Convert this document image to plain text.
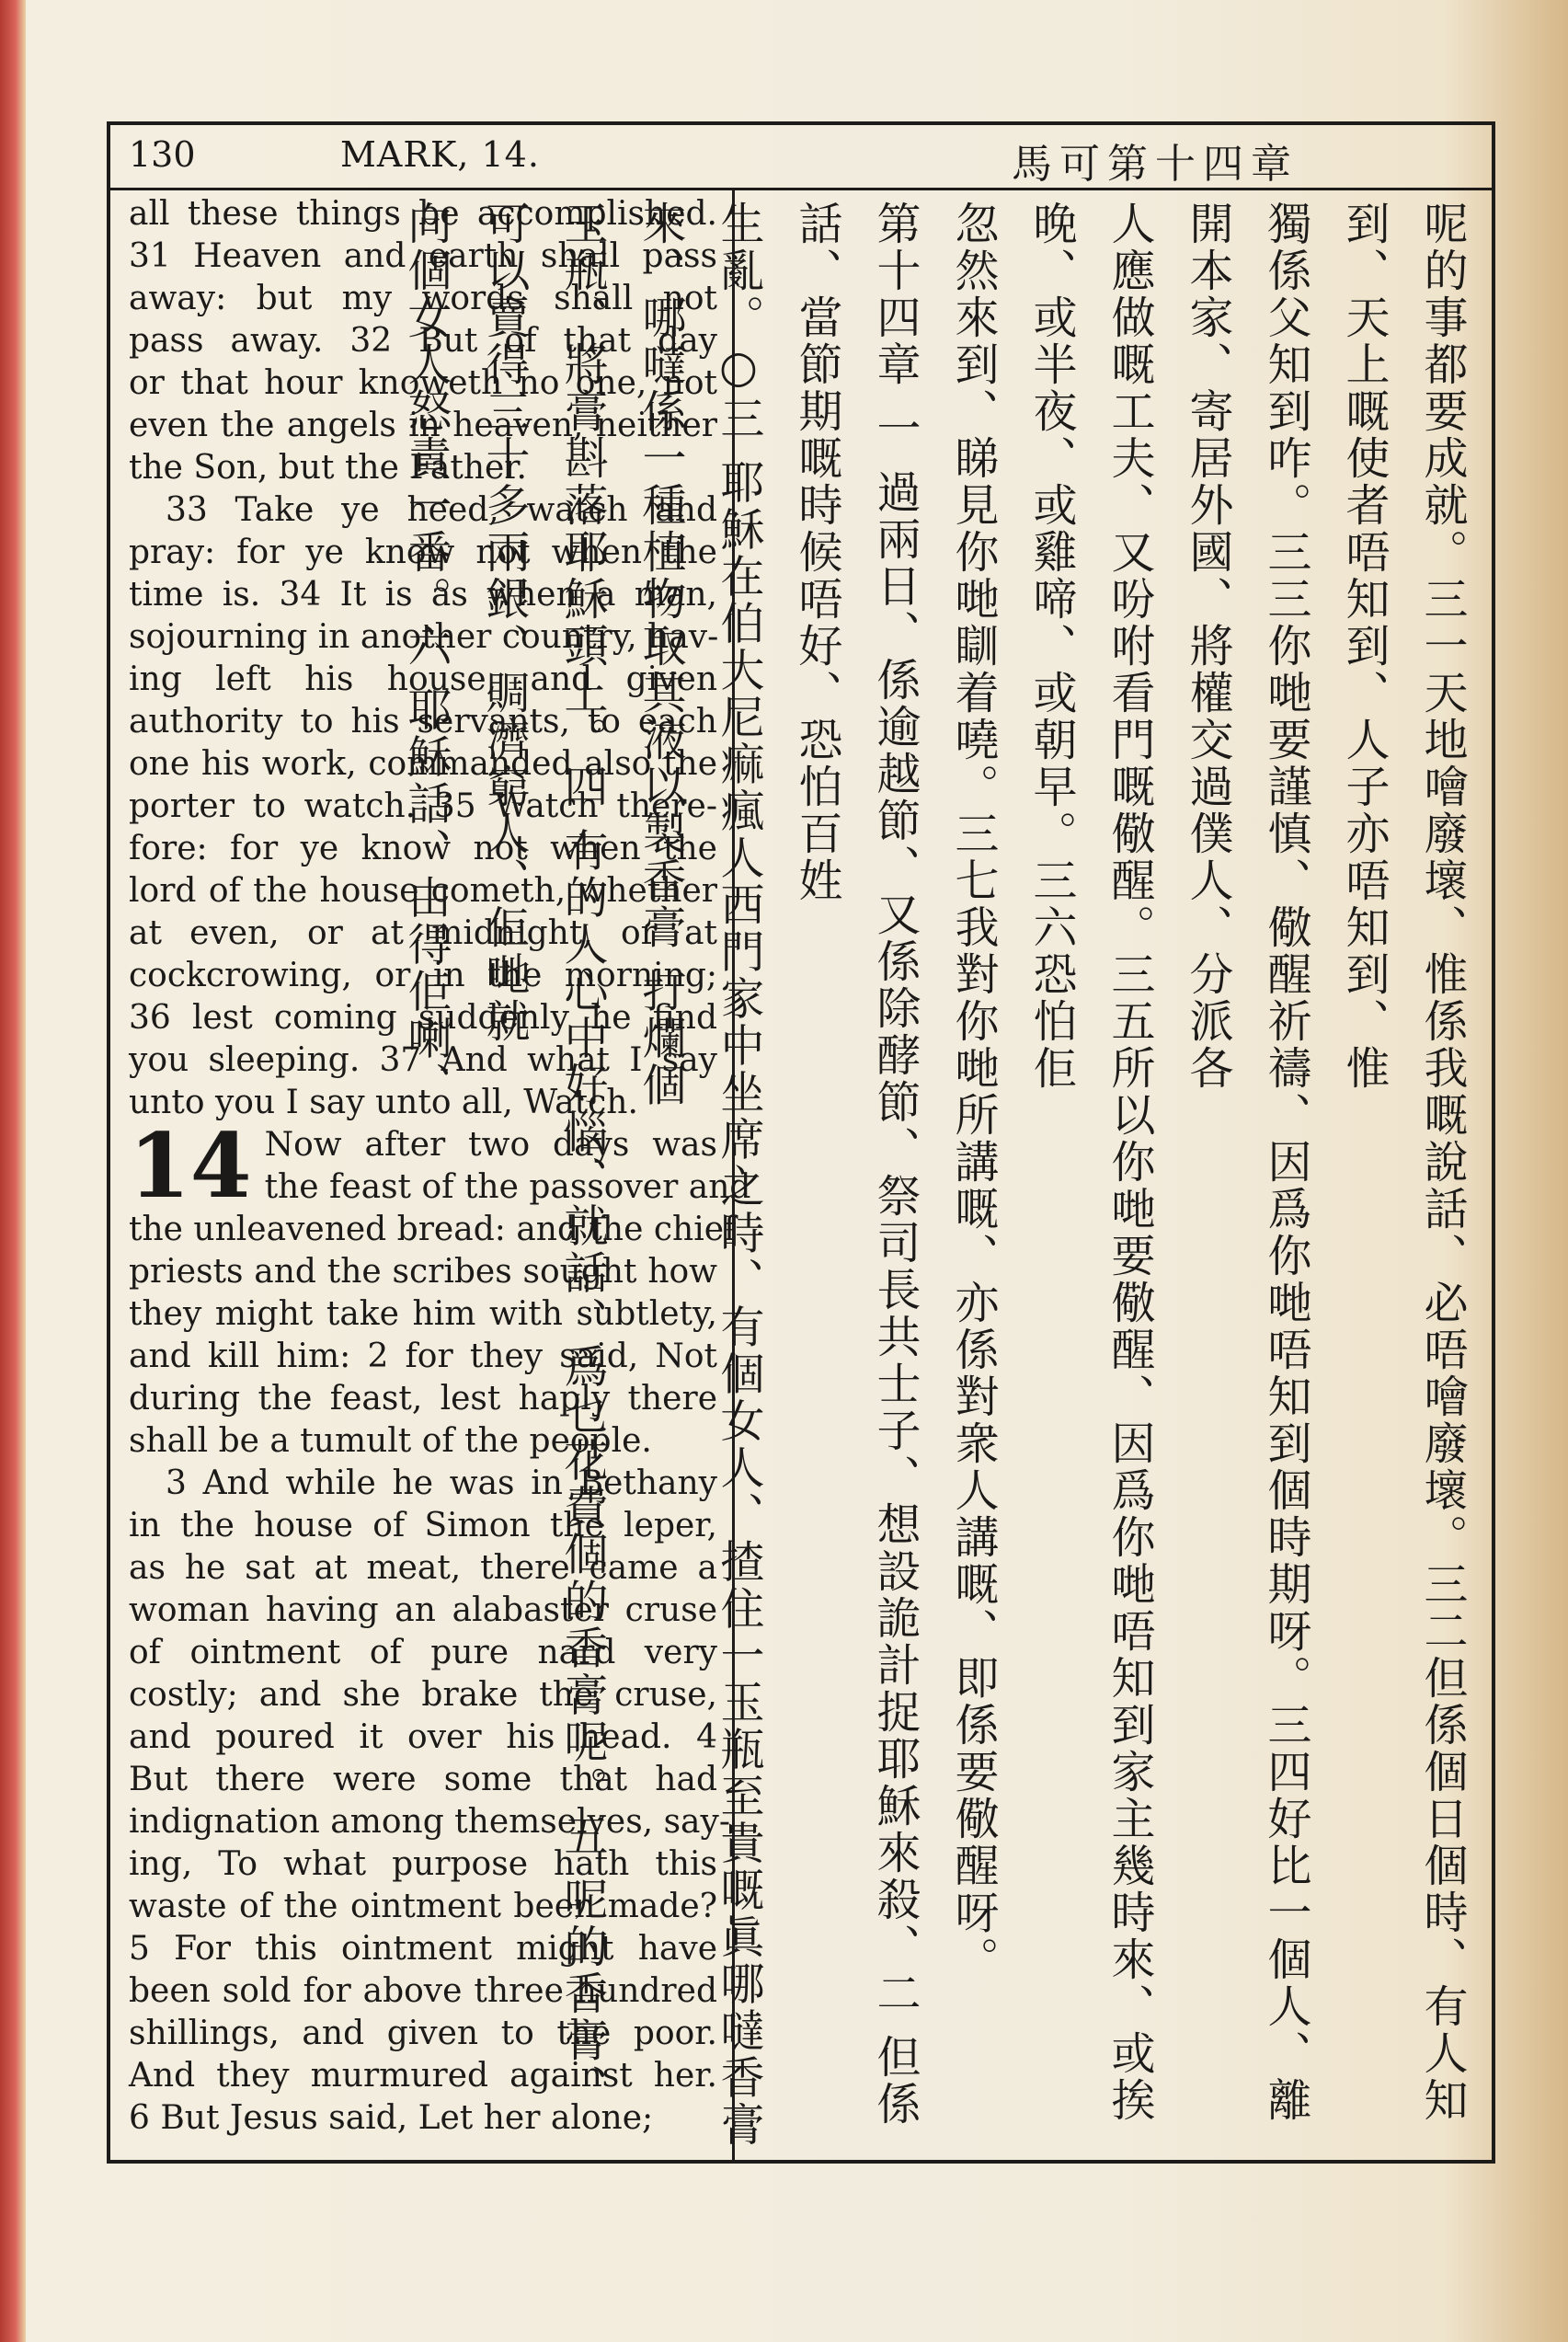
130	MARK, 14.	馬可第十四章
all these things be accomplished.
31 Heaven and earth shall pass
away: but my words shall not
pass away. 32 But of that day
or that hour knoweth no one, not
even the angels in heaven, neither
the Son, but the Father.
33 Take ye heed, watch and
pray: for ye know not when the
time is. 34 It is as when a man,
sojourning in another country, hav-
ing left his house, and given
authority to his servants, to each
one his work, commanded also the
porter to watch. 35 Watch there-
fore: for ye know not when the
lord of the house cometh, whether
at even, or at midnight, or at
cockcrowing, or in the morning;
36 lest coming suddenly he find
you sleeping. 37 And what I say
unto you I say unto all, Watch.
14 Now after two days was
the feast of the passover and
the unleavened bread: and the chief
priests and the scribes sought how
they might take him with subtlety,
and kill him: 2 for they said, Not
during the feast, lest haply there
shall be a tumult of the people.
3 And while he was in Bethany
in the house of Simon the leper,
as he sat at meat, there came a
woman having an alabaster cruse
of ointment of pure nard very
costly; and she brake the cruse,
and poured it over his head. 4
But there were some that had
indignation among themselves, say-
ing, To what purpose hath this
waste of the ointment been made?
5 For this ointment might have
been sold for above three hundred
shillings, and given to the poor.
And they murmured against her.
6 But Jesus said, Let her alone;	呢的事都要成就。三一天地噲廢壞、惟係我嘅說話、必唔噲廢壞。三二但係個日個時、有人知到、天上嘅使者唔知到、人子亦唔知到、惟

獨係父知到咋。三三你哋要謹慎、儆醒祈禱、因爲你哋唔知到個時期呀。三四好比一個人、離開本家、寄居外國、將權交過僕人、分派各

人應做嘅工夫、又吩咐看門嘅儆醒。三五所以你哋要儆醒、因爲你哋唔知到家主幾時來、或挨晚、或半夜、或雞啼、或朝早。三六恐怕佢

忽然來到、睇見你哋瞓着嘵。三七我對你哋所講嘅、亦係對衆人講嘅、即係要儆醒呀。

第十四章 一 過兩日、係逾越節、又係除酵節、祭司長共士子、想設詭計捉耶穌來殺、二 但係話、當節期嘅時候唔好、恐怕百姓

生亂。○三 耶穌在伯大尼痲瘋人西門家中坐席之時、有個女人、揸住一玉瓶至貴嘅眞哪噠香膏來、哪噠係一種植物取其液以製香膏 打爛個

玉瓶、將膏斟落耶穌頭上。四 有的人心中好惱、就話、爲乜花費個的香膏呢。五 呢的香膏、可以賣得三十多兩銀、賙濟窮人、佢哋就

向個女人怒責一番。六 耶穌話、由得佢喇、
